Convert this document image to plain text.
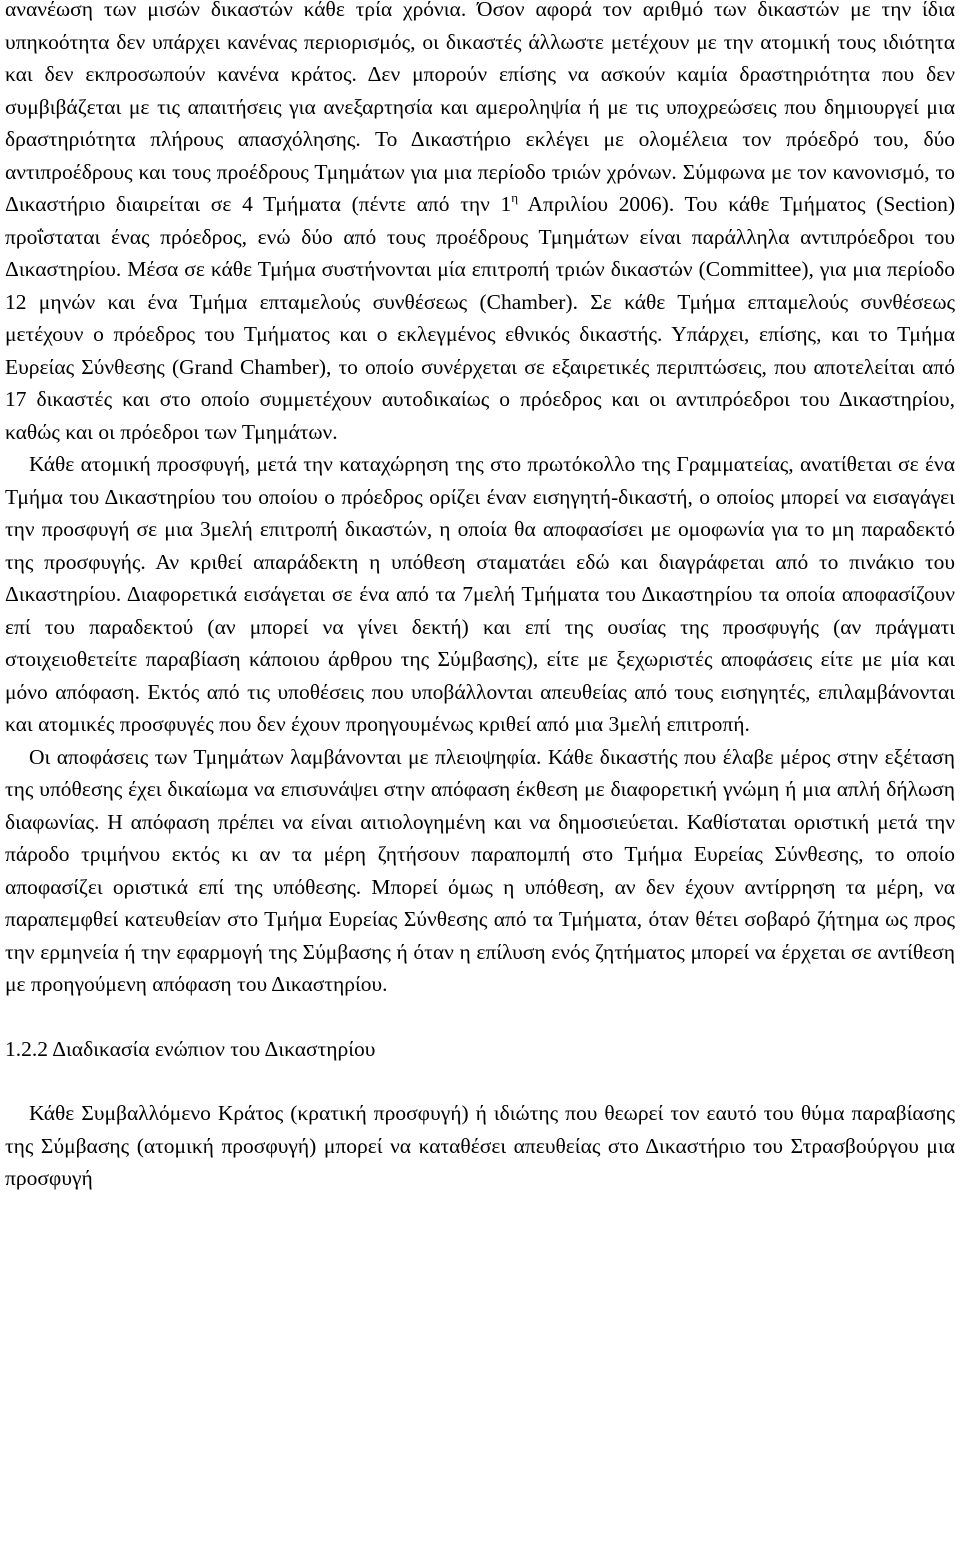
ανανέωση των μισών δικαστών κάθε τρία χρόνια. Όσον αφορά τον αριθμό των δικαστών με την ίδια υπηκοότητα δεν υπάρχει κανένας περιορισμός, οι δικαστές άλλωστε μετέχουν με την ατομική τους ιδιότητα και δεν εκπροσωπούν κανένα κράτος. Δεν μπορούν επίσης να ασκούν καμία δραστηριότητα που δεν συμβιβάζεται με τις απαιτήσεις για ανεξαρτησία και αμεροληψία ή με τις υποχρεώσεις που δημιουργεί μια δραστηριότητα πλήρους απασχόλησης. Το Δικαστήριο εκλέγει με ολομέλεια τον πρόεδρό του, δύο αντιπροέδρους και τους προέδρους Τμημάτων για μια περίοδο τριών χρόνων. Σύμφωνα με τον κανονισμό, το Δικαστήριο διαιρείται σε 4 Τμήματα (πέντε από την $1^\eta$ Απριλίου 2006). Του κάθε Τμήματος (Section) προΐσταται ένας πρόεδρος, ενώ δύο από τους προέδρους Τμημάτων είναι παράλληλα αντιπρόεδροι του Δικαστηρίου. Μέσα σε κάθε Τμήμα συστήνονται μία επιτροπή τριών δικαστών (Committee), για μια περίοδο 12 μηνών και ένα Τμήμα επταμελούς συνθέσεως (Chamber). Σε κάθε Τμήμα επταμελούς συνθέσεως μετέχουν ο πρόεδρος του Τμήματος και ο εκλεγμένος εθνικός δικαστής. Υπάρχει, επίσης, και το Τμήμα Ευρείας Σύνθεσης (Grand Chamber), το οποίο συνέρχεται σε εξαιρετικές περιπτώσεις, που αποτελείται από 17 δικαστές και στο οποίο συμμετέχουν αυτοδικαίως ο πρόεδρος και οι αντιπρόεδροι του Δικαστηρίου, καθώς και οι πρόεδροι των Τμημάτων.

Κάθε ατομική προσφυγή, μετά την καταχώρηση της στο πρωτόκολλο της Γραμματείας, ανατίθεται σε ένα Τμήμα του Δικαστηρίου του οποίου ο πρόεδρος ορίζει έναν εισηγητή-δικαστή, ο οποίος μπορεί να εισαγάγει την προσφυγή σε μια 3μελή επιτροπή δικαστών, η οποία θα αποφασίσει με ομοφωνία για το μη παραδεκτό της προσφυγής. Αν κριθεί απαράδεκτη η υπόθεση σταματάει εδώ και διαγράφεται από το πινάκιο του Δικαστηρίου. Διαφορετικά εισάγεται σε ένα από τα 7μελή Τμήματα του Δικαστηρίου τα οποία αποφασίζουν επί του παραδεκτού (αν μπορεί να γίνει δεκτή) και επί της ουσίας της προσφυγής (αν πράγματι στοιχειοθετείτε παραβίαση κάποιου άρθρου της Σύμβασης), είτε με ξεχωριστές αποφάσεις είτε με μία και μόνο απόφαση. Εκτός από τις υποθέσεις που υποβάλλονται απευθείας από τους εισηγητές, επιλαμβάνονται και ατομικές προσφυγές που δεν έχουν προηγουμένως κριθεί από μια 3μελή επιτροπή.

Οι αποφάσεις των Τμημάτων λαμβάνονται με πλειοψηφία. Κάθε δικαστής που έλαβε μέρος στην εξέταση της υπόθεσης έχει δικαίωμα να επισυνάψει στην απόφαση έκθεση με διαφορετική γνώμη ή μια απλή δήλωση διαφωνίας. Η απόφαση πρέπει να είναι αιτιολογημένη και να δημοσιεύεται. Καθίσταται οριστική μετά την πάροδο τριμήνου εκτός κι αν τα μέρη ζητήσουν παραπομπή στο Τμήμα Ευρείας Σύνθεσης, το οποίο αποφασίζει οριστικά επί της υπόθεσης. Μπορεί όμως η υπόθεση, αν δεν έχουν αντίρρηση τα μέρη, να παραπεμφθεί κατευθείαν στο Τμήμα Ευρείας Σύνθεσης από τα Τμήματα, όταν θέτει σοβαρό ζήτημα ως προς την ερμηνεία ή την εφαρμογή της Σύμβασης ή όταν η επίλυση ενός ζητήματος μπορεί να έρχεται σε αντίθεση με προηγούμενη απόφαση του Δικαστηρίου.

1.2.2 Διαδικασία ενώπιον του Δικαστηρίου

Κάθε Συμβαλλόμενο Κράτος (κρατική προσφυγή) ή ιδιώτης που θεωρεί τον εαυτό του θύμα παραβίασης της Σύμβασης (ατομική προσφυγή) μπορεί να καταθέσει απευθείας στο Δικαστήριο του Στρασβούργου μια προσφυγή
